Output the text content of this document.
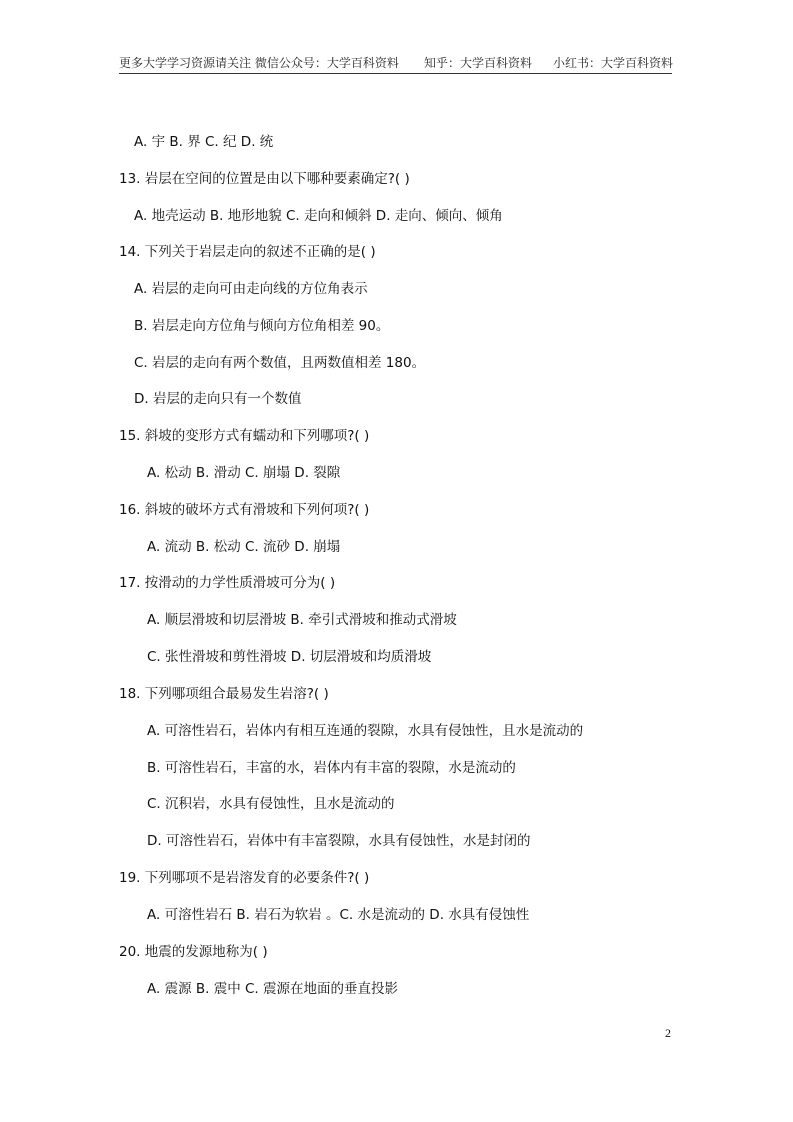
更多大学学习资源请关注 微信公众号：大学百科资料 知乎：大学百科资料 小红书：大学百科资料
A. 宇 B. 界 C. 纪 D. 统
13. 岩层在空间的位置是由以下哪种要素确定?( )
A. 地壳运动 B. 地形地貌 C. 走向和倾斜 D. 走向、倾向、倾角
14. 下列关于岩层走向的叙述不正确的是( )
A. 岩层的走向可由走向线的方位角表示
B. 岩层走向方位角与倾向方位角相差 90。
C. 岩层的走向有两个数值，且两数值相差 180。
D. 岩层的走向只有一个数值
15. 斜坡的变形方式有蠕动和下列哪项?( )
A. 松动 B. 滑动 C. 崩塌 D. 裂隙
16. 斜坡的破坏方式有滑坡和下列何项?( )
A. 流动 B. 松动 C. 流砂 D. 崩塌
17. 按滑动的力学性质滑坡可分为( )
A. 顺层滑坡和切层滑坡 B. 牵引式滑坡和推动式滑坡
C. 张性滑坡和剪性滑坡 D. 切层滑坡和均质滑坡
18. 下列哪项组合最易发生岩溶?( )
A. 可溶性岩石，岩体内有相互连通的裂隙，水具有侵蚀性，且水是流动的
B. 可溶性岩石，丰富的水，岩体内有丰富的裂隙，水是流动的
C. 沉积岩，水具有侵蚀性，且水是流动的
D. 可溶性岩石，岩体中有丰富裂隙，水具有侵蚀性，水是封闭的
19. 下列哪项不是岩溶发育的必要条件?( )
A. 可溶性岩石 B. 岩石为软岩 。C. 水是流动的 D. 水具有侵蚀性
20. 地震的发源地称为( )
A. 震源 B. 震中 C. 震源在地面的垂直投影
2
